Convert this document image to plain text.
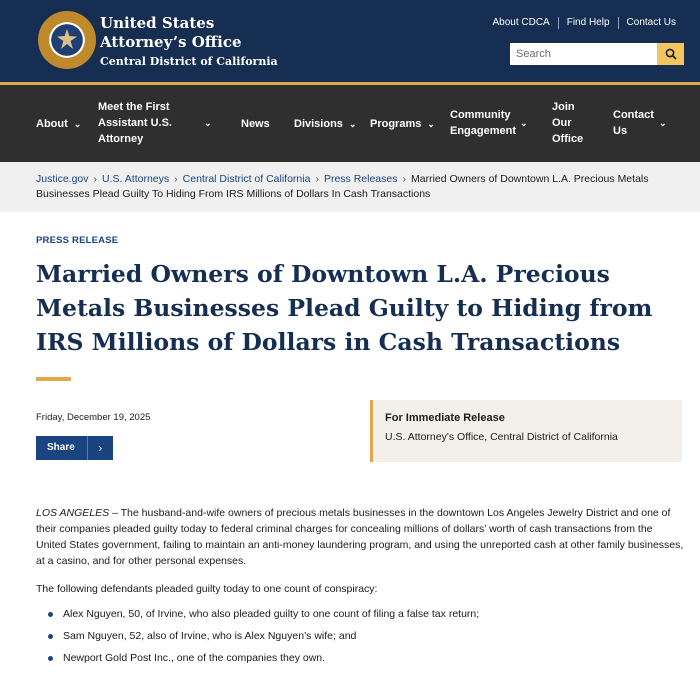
United States
Attorney’s Office
Central District of California
About CDCA	Find Help	Contact Us
Search
About ⌄
Meet the First Assistant U.S. Attorney
⌄	News Divisions ⌄ Programs ⌄
Community Engagement
⌄
Join Our Office
Contact Us
⌄
Justice.gov › U.S. Attorneys › Central District of California › Press Releases › Married Owners of Downtown L.A. Precious Metals Businesses Plead Guilty To Hiding From IRS Millions of Dollars In Cash Transactions
PRESS RELEASE
Married Owners of Downtown L.A. Precious Metals Businesses Plead Guilty to Hiding from IRS Millions of Dollars in Cash Transactions
Friday, December 19, 2025
Share	›
For Immediate Release
U.S. Attorney's Office, Central District of California

LOS ANGELES – The husband-and-wife owners of precious metals businesses in the downtown Los Angeles Jewelry District and one of their companies pleaded guilty today to federal criminal charges for concealing millions of dollars’ worth of cash transactions from the United States government, failing to maintain an anti-money laundering program, and using the unreported cash at other family businesses, at a casino, and for other personal expenses.

The following defendants pleaded guilty today to one count of conspiracy:

Alex Nguyen, 50, of Irvine, who also pleaded guilty to one count of filing a false tax return;
Sam Nguyen, 52, also of Irvine, who is Alex Nguyen’s wife; and
Newport Gold Post Inc., one of the companies they own.
